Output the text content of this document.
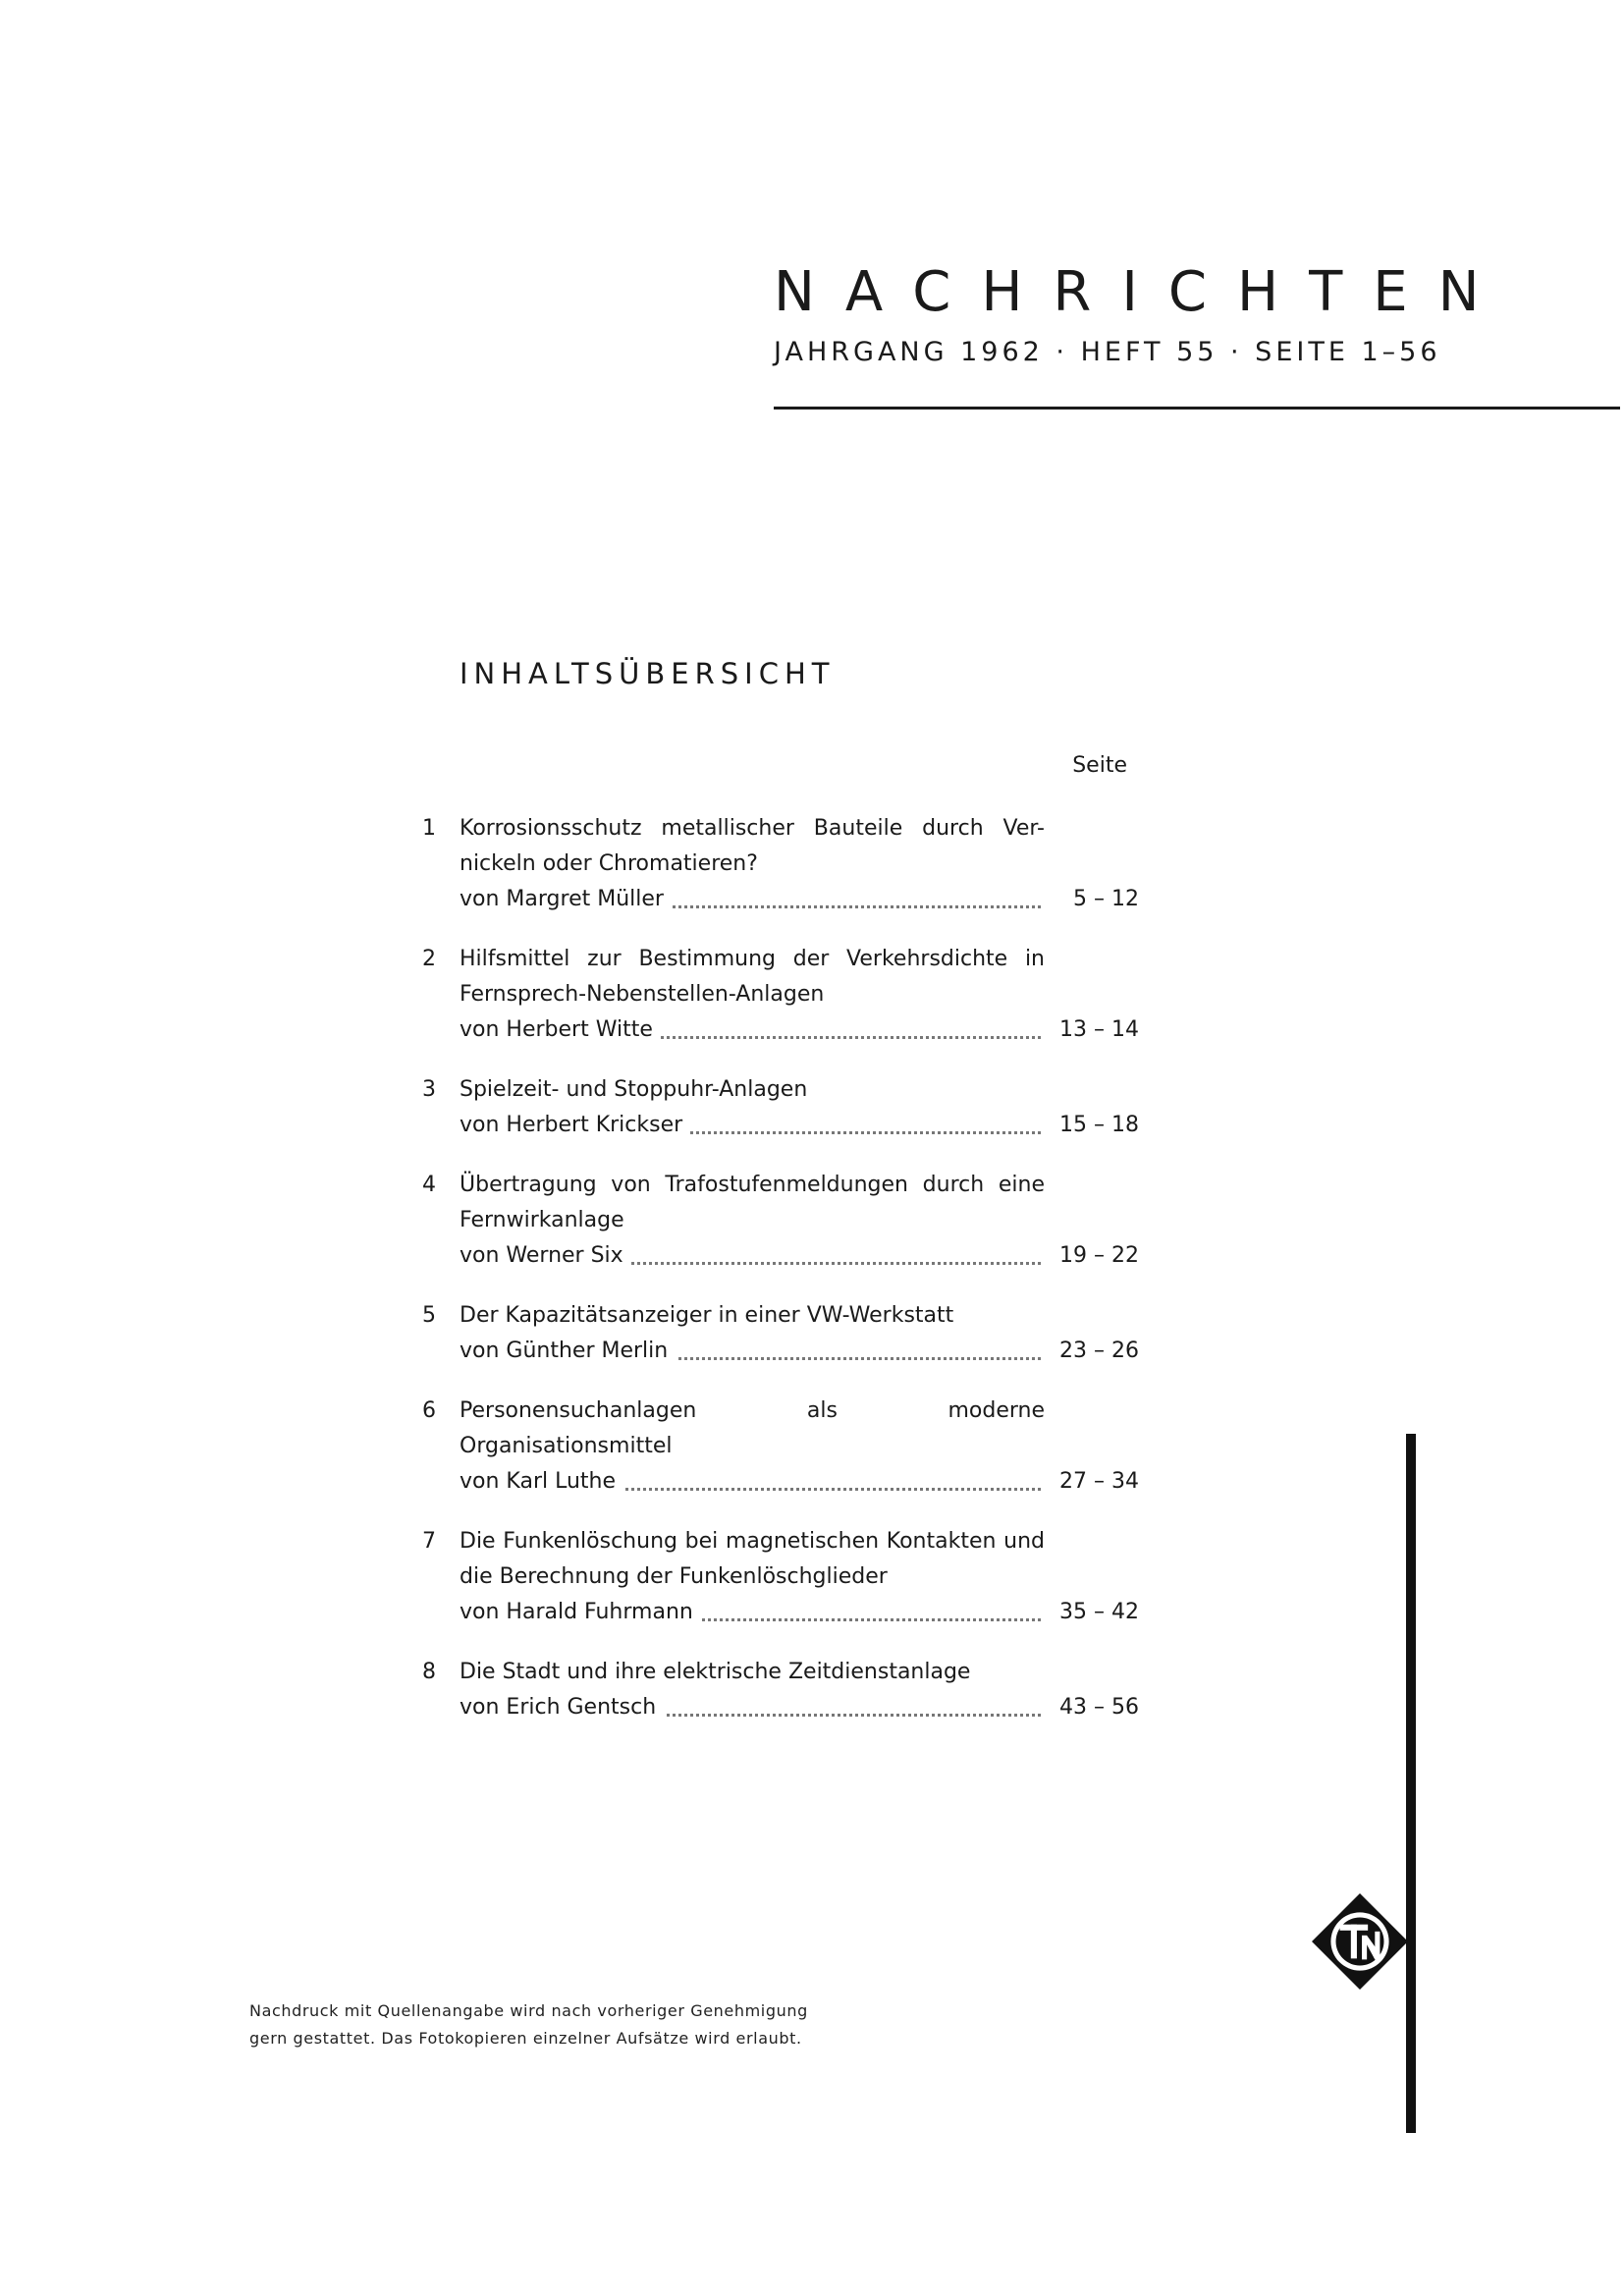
NACHRICHTEN
JAHRGANG 1962 · HEFT 55 · SEITE 1–56
INHALTSÜBERSICHT
Seite
1 Korrosionsschutz metallischer Bauteile durch Ver-
nickeln oder Chromatieren?
von Margret Müller	5 – 12
2 Hilfsmittel zur Bestimmung der Verkehrsdichte in
Fernsprech-Nebenstellen-Anlagen
von Herbert Witte	13 – 14
3 Spielzeit- und Stoppuhr-Anlagen
von Herbert Krickser	15 – 18
4 Übertragung von Trafostufenmeldungen durch eine
Fernwirkanlage
von Werner Six	19 – 22
5 Der Kapazitätsanzeiger in einer VW-Werkstatt
von Günther Merlin	23 – 26
6 Personensuchanlagen als moderne
Organisationsmittel
von Karl Luthe	27 – 34
7 Die Funkenlöschung bei magnetischen Kontakten und
die Berechnung der Funkenlöschglieder
von Harald Fuhrmann	35 – 42
8 Die Stadt und ihre elektrische Zeitdienstanlage
von Erich Gentsch	43 – 56
Nachdruck mit Quellenangabe wird nach vorheriger Genehmigung
gern gestattet. Das Fotokopieren einzelner Aufsätze wird erlaubt.
